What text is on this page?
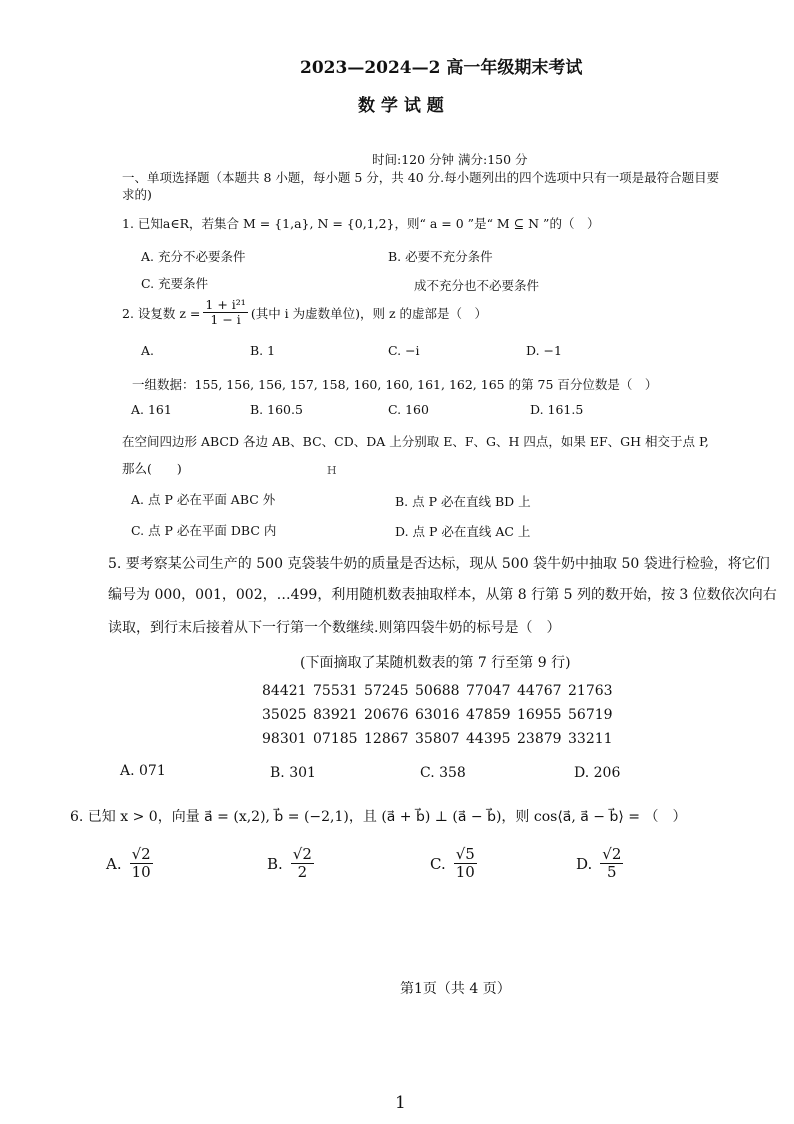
2023—2024—2 高一年级期末考试
数 学 试 题
时间:120 分钟 满分:150 分
一、单项选择题（本题共 8 小题，每小题 5 分，共 40 分.每小题列出的四个选项中只有一项是最符合题目要
求的)
1. 已知a∈R，若集合 M = {1,a}, N = {0,1,2}，则“ a = 0 ”是“ M ⊆ N ”的（　）
A. 充分不必要条件	B. 必要不充分条件
C. 充要条件	成不充分也不必要条件
2. 设复数 $z = \frac{\text{1 + i²¹}}{1 - i}$ (其中 i 为虚数单位)，则 z 的虚部是（　）
A.	B. 1	C. −i	D. −1
一组数据：155, 156, 156, 157, 158, 160, 160, 161, 162, 165 的第 75 百分位数是（　）
A. 161	B. 160.5	C. 160	D. 161.5
在空间四边形 ABCD 各边 AB、BC、CD、DA 上分别取 E、F、G、H 四点，如果 EF、GH 相交于点 P,
那么(　　)	H
A. 点 P 必在平面 ABC 外	B. 点 P 必在直线 BD 上
C. 点 P 必在平面 DBC 内	D. 点 P 必在直线 AC 上
5. 要考察某公司生产的 500 克袋装牛奶的质量是否达标，现从 500 袋牛奶中抽取 50 袋进行检验，将它们
编号为 000，001，002，…499，利用随机数表抽取样本，从第 8 行第 5 列的数开始，按 3 位数依次向右
读取，到行末后接着从下一行第一个数继续.则第四袋牛奶的标号是（　）
(下面摘取了某随机数表的第 7 行至第 9 行)
84421 75531 57245 50688 77047 44767 21763
35025 83921 20676 63016 47859 16955 56719
98301 07185 12867 35807 44395 23879 33211
A. 071	B. 301	C. 358	D. 206
6. 已知 x > 0，向量 a⃗ = (x,2), b⃗ = (−2,1)，且 (a⃗ + b⃗) ⊥ (a⃗ − b⃗)，则 cos⟨a⃗, a⃗ − b⃗⟩ = （　）
A. $\frac{√2}{10}$	B. $\frac{√2}{2}$	C. $\frac{√5}{10}$	D. $\frac{√2}{5}$
第1页（共 4 页）
1
